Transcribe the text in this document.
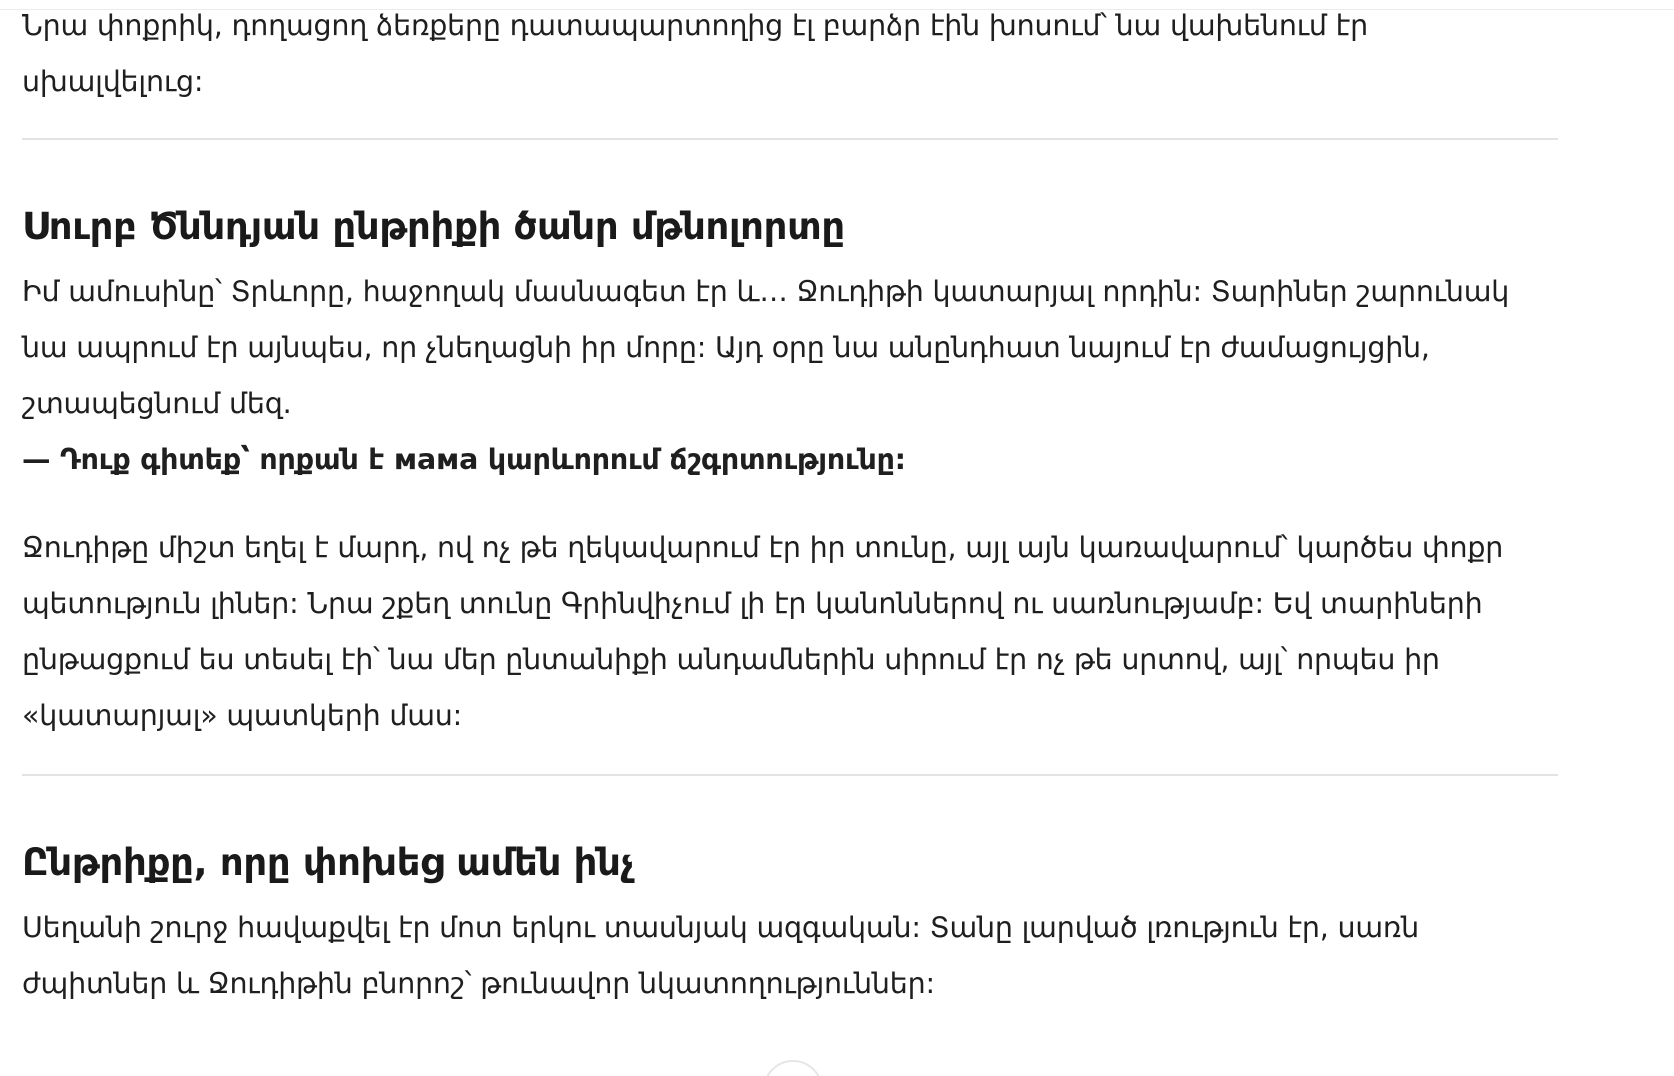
Նրա փոքրիկ, դողացող ձեռքերը դատապարտողից էլ բարձր էին խոսում՝ նա վախենում էր սխալվելուց:

Սուրբ Ծննդյան ընթրիքի ծանր մթնոլորտը

Իմ ամուսինը՝ Տրևորը, հաջողակ մասնագետ էր և… Ջուդիթի կատարյալ որդին: Տարիներ շարունակ նա ապրում էր այնպես, որ չնեղացնի իր մորը: Այդ օրը նա անընդհատ նայում էր ժամացույցին, շտապեցնում մեզ.

— Դուք գիտեք՝ որքան է мама կարևորում ճշգրտությունը:

Ջուդիթը միշտ եղել է մարդ, ով ոչ թե ղեկավարում էր իր տունը, այլ այն կառավարում՝ կարծես փոքր պետություն լիներ: Նրա շքեղ տունը Գրինվիչում լի էր կանոններով ու սառնությամբ: Եվ տարիների ընթացքում ես տեսել էի՝ նա մեր ընտանիքի անդամներին սիրում էր ոչ թե սրտով, այլ՝ որպես իր «կատարյալ» պատկերի մաս:

Ընթրիքը, որը փոխեց ամեն ինչ

Սեղանի շուրջ հավաքվել էր մոտ երկու տասնյակ ազգական: Տանը լարված լռություն էր, սառն ժպիտներ և Ջուդիթին բնորոշ՝ թունավոր նկատողություններ:
